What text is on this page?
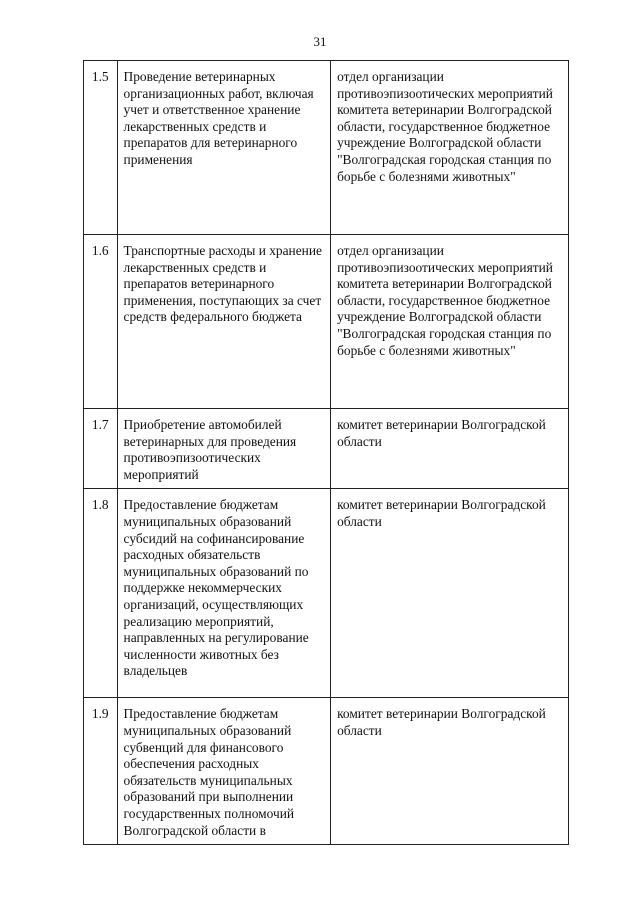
31
1.5	Проведение ветеринарных организационных работ, включая учет и ответственное хранение лекарственных средств и препаратов для ветеринарного применения	отдел организации противоэпизоотических мероприятий комитета ветеринарии Волгоградской области, государственное бюджетное учреждение Волгоградской области "Волгоградская городская станция по борьбе с болезнями животных"
1.6	Транспортные расходы и хранение лекарственных средств и препаратов ветеринарного применения, поступающих за счет средств федерального бюджета	отдел организации противоэпизоотических мероприятий комитета ветеринарии Волгоградской области, государственное бюджетное учреждение Волгоградской области "Волгоградская городская станция по борьбе с болезнями животных"
1.7	Приобретение автомобилей ветеринарных для проведения противоэпизоотических мероприятий	комитет ветеринарии Волгоградской области
1.8	Предоставление бюджетам муниципальных образований субсидий на софинансирование расходных обязательств муниципальных образований по поддержке некоммерческих организаций, осуществляющих реализацию мероприятий, направленных на регулирование численности животных без владельцев	комитет ветеринарии Волгоградской области
1.9	Предоставление бюджетам муниципальных образований субвенций для финансового обеспечения расходных обязательств муниципальных образований при выполнении государственных полномочий Волгоградской области в	комитет ветеринарии Волгоградской области
